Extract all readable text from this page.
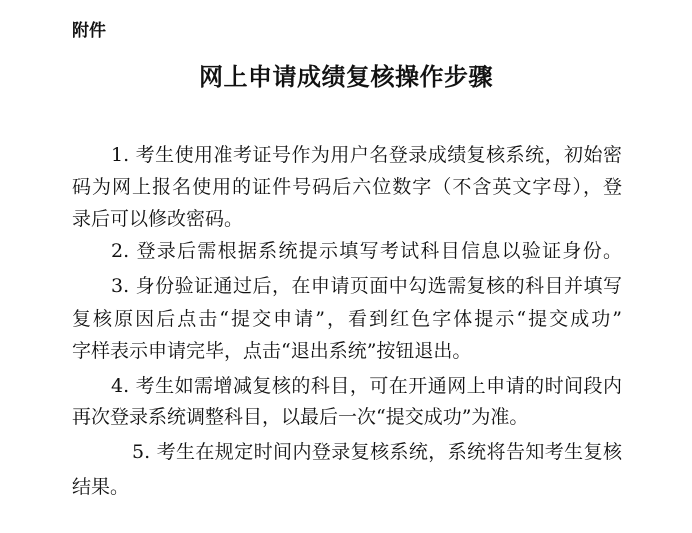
附件
网上申请成绩复核操作步骤
1. 考生使用准考证号作为用户名登录成绩复核系统，初始密
码为网上报名使用的证件号码后六位数字（不含英文字母），登
录后可以修改密码。
2. 登录后需根据系统提示填写考试科目信息以验证身份。
3. 身份验证通过后，在申请页面中勾选需复核的科目并填写
复核原因后点击“提交申请”，看到红色字体提示“提交成功”
字样表示申请完毕，点击“退出系统”按钮退出。
4. 考生如需增减复核的科目，可在开通网上申请的时间段内
再次登录系统调整科目，以最后一次“提交成功”为准。
5. 考生在规定时间内登录复核系统，系统将告知考生复核
结果。
